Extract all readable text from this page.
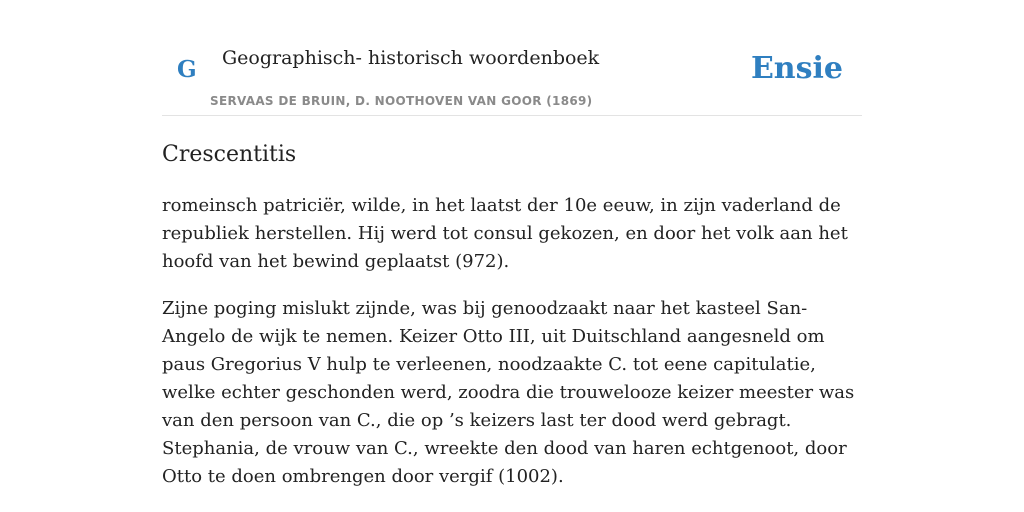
G Geographisch- historisch woordenboek
SERVAAS DE BRUIN, D. NOOTHOVEN VAN GOOR (1869)
Ensie
Crescentitis

romeinsch patriciër, wilde, in het laatst der 10e eeuw, in zijn vaderland de republiek herstellen. Hij werd tot consul gekozen, en door het volk aan het hoofd van het bewind geplaatst (972).

Zijne poging mislukt zijnde, was bij genoodzaakt naar het kasteel San-Angelo de wijk te nemen. Keizer Otto III, uit Duitschland aangesneld om paus Gregorius V hulp te verleenen, noodzaakte C. tot eene capitulatie, welke echter geschonden werd, zoodra die trouwelooze keizer meester was van den persoon van C., die op ’s keizers last ter dood werd gebragt. Stephania, de vrouw van C., wreekte den dood van haren echtgenoot, door Otto te doen ombrengen door vergif (1002).
